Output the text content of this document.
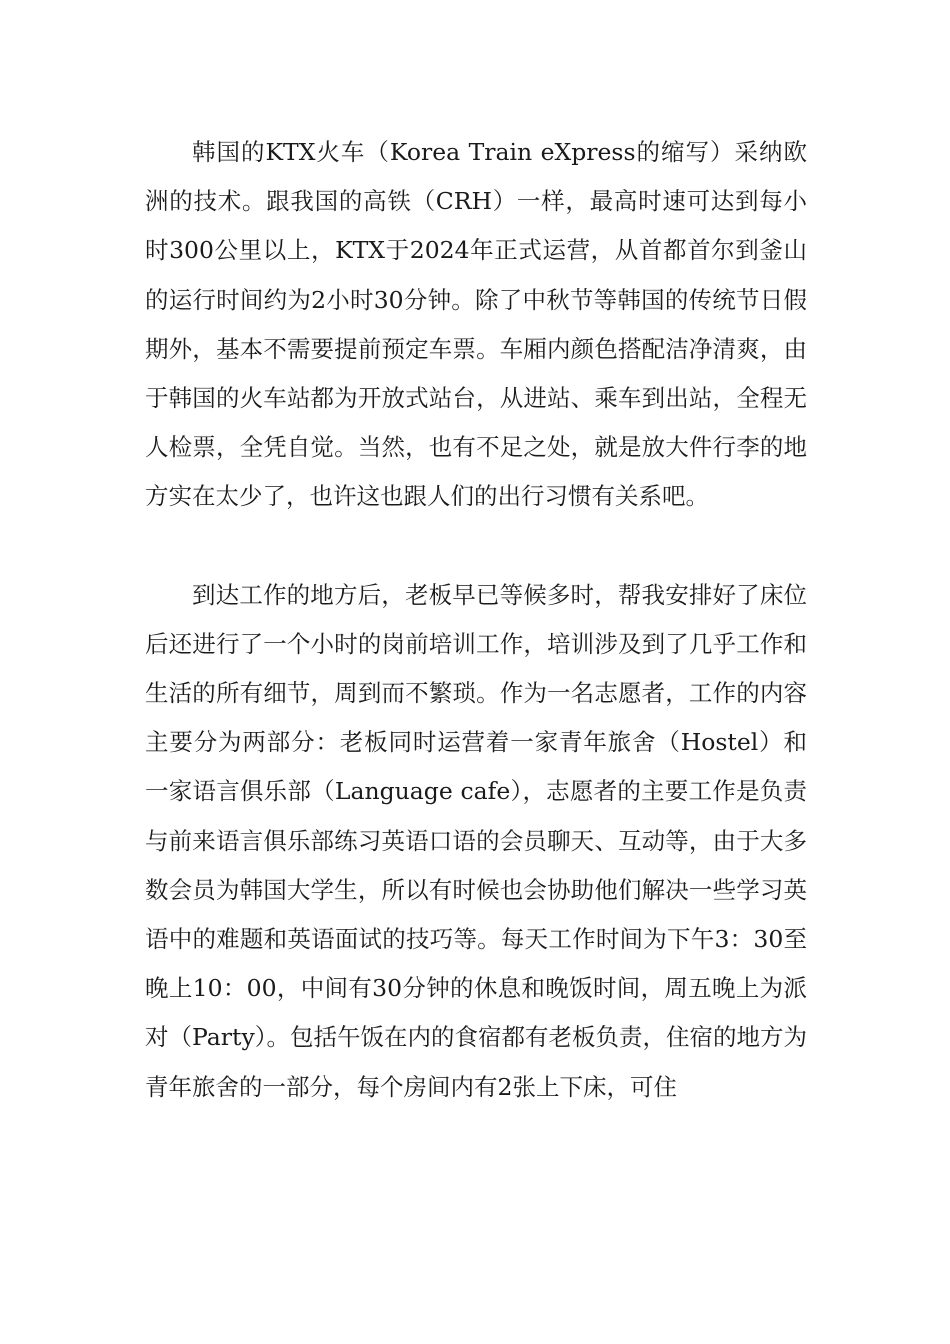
韩国的KTX火车（Korea Train eXpress的缩写）采纳欧洲的技术。跟我国的高铁（CRH）一样，最高时速可达到每小时300公里以上，KTX于2024年正式运营，从首都首尔到釜山的运行时间约为2小时30分钟。除了中秋节等韩国的传统节日假期外，基本不需要提前预定车票。车厢内颜色搭配洁净清爽，由于韩国的火车站都为开放式站台，从进站、乘车到出站，全程无人检票，全凭自觉。当然，也有不足之处，就是放大件行李的地方实在太少了，也许这也跟人们的出行习惯有关系吧。

到达工作的地方后，老板早已等候多时，帮我安排好了床位后还进行了一个小时的岗前培训工作，培训涉及到了几乎工作和生活的所有细节，周到而不繁琐。作为一名志愿者，工作的内容主要分为两部分：老板同时运营着一家青年旅舍（Hostel）和一家语言俱乐部（Language cafe），志愿者的主要工作是负责与前来语言俱乐部练习英语口语的会员聊天、互动等，由于大多数会员为韩国大学生，所以有时候也会协助他们解决一些学习英语中的难题和英语面试的技巧等。每天工作时间为下午3：30至晚上10：00，中间有30分钟的休息和晚饭时间，周五晚上为派对（Party）。包括午饭在内的食宿都有老板负责，住宿的地方为青年旅舍的一部分，每个房间内有2张上下床，可住
